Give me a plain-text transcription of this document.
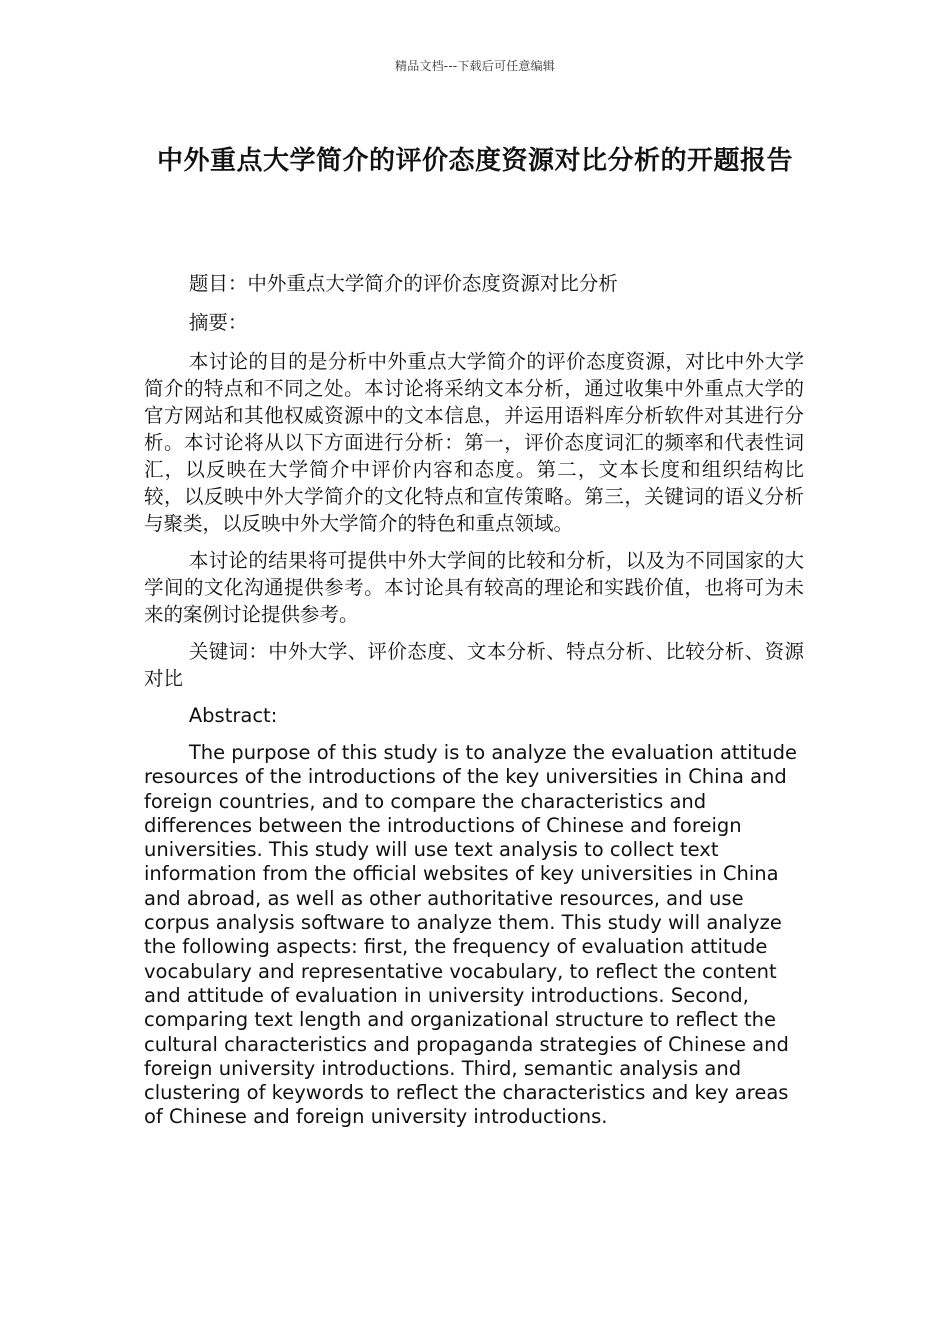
精品文档---下载后可任意编辑
中外重点大学简介的评价态度资源对比分析的开题报告

题目：中外重点大学简介的评价态度资源对比分析

摘要：

本讨论的目的是分析中外重点大学简介的评价态度资源，对比中外大学简介的特点和不同之处。本讨论将采纳文本分析，通过收集中外重点大学的官方网站和其他权威资源中的文本信息，并运用语料库分析软件对其进行分析。本讨论将从以下方面进行分析：第一，评价态度词汇的频率和代表性词汇，以反映在大学简介中评价内容和态度。第二，文本长度和组织结构比较，以反映中外大学简介的文化特点和宣传策略。第三，关键词的语义分析与聚类，以反映中外大学简介的特色和重点领域。

本讨论的结果将可提供中外大学间的比较和分析，以及为不同国家的大学间的文化沟通提供参考。本讨论具有较高的理论和实践价值，也将可为未来的案例讨论提供参考。

关键词：中外大学、评价态度、文本分析、特点分析、比较分析、资源对比

Abstract:

The purpose of this study is to analyze the evaluation attitude resources of the introductions of the key universities in China and foreign countries, and to compare the characteristics and differences between the introductions of Chinese and foreign universities. This study will use text analysis to collect text information from the official websites of key universities in China and abroad, as well as other authoritative resources, and use corpus analysis software to analyze them. This study will analyze the following aspects: first, the frequency of evaluation attitude vocabulary and representative vocabulary, to reflect the content and attitude of evaluation in university introductions. Second, comparing text length and organizational structure to reflect the cultural characteristics and propaganda strategies of Chinese and foreign university introductions. Third, semantic analysis and clustering of keywords to reflect the characteristics and key areas of Chinese and foreign university introductions.
